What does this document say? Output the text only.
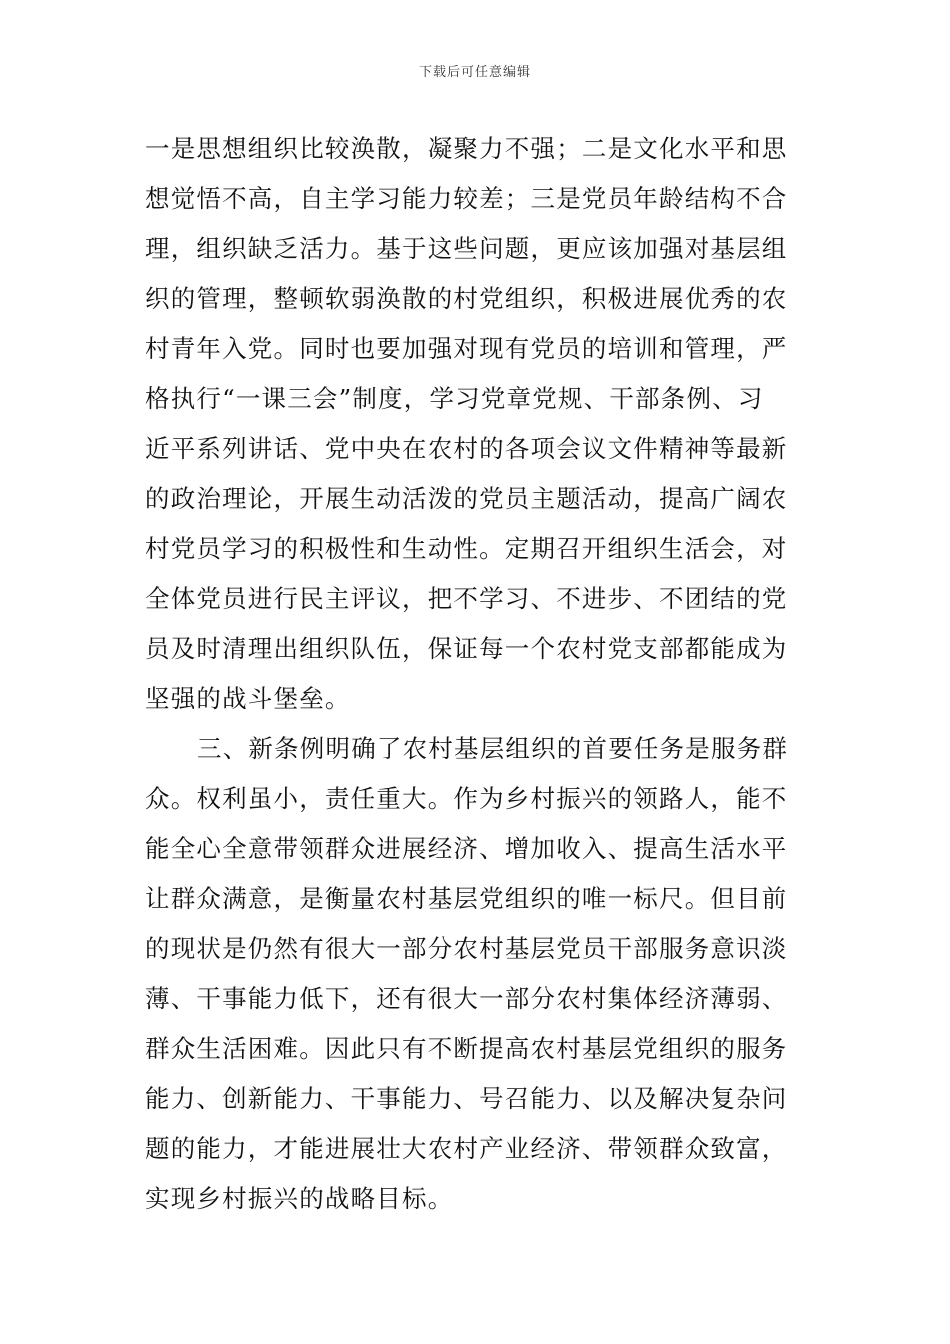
下载后可任意编辑
一是思想组织比较涣散，凝聚力不强；二是文化水平和思
想觉悟不高，自主学习能力较差；三是党员年龄结构不合
理，组织缺乏活力。基于这些问题，更应该加强对基层组
织的管理，整顿软弱涣散的村党组织，积极进展优秀的农
村青年入党。同时也要加强对现有党员的培训和管理，严
格执行“一课三会”制度，学习党章党规、干部条例、习
近平系列讲话、党中央在农村的各项会议文件精神等最新
的政治理论，开展生动活泼的党员主题活动，提高广阔农
村党员学习的积极性和生动性。定期召开组织生活会，对
全体党员进行民主评议，把不学习、不进步、不团结的党
员及时清理出组织队伍，保证每一个农村党支部都能成为
坚强的战斗堡垒。
三、新条例明确了农村基层组织的首要任务是服务群
众。权利虽小，责任重大。作为乡村振兴的领路人，能不
能全心全意带领群众进展经济、增加收入、提高生活水平
让群众满意，是衡量农村基层党组织的唯一标尺。但目前
的现状是仍然有很大一部分农村基层党员干部服务意识淡
薄、干事能力低下，还有很大一部分农村集体经济薄弱、
群众生活困难。因此只有不断提高农村基层党组织的服务
能力、创新能力、干事能力、号召能力、以及解决复杂问
题的能力，才能进展壮大农村产业经济、带领群众致富，
实现乡村振兴的战略目标。
